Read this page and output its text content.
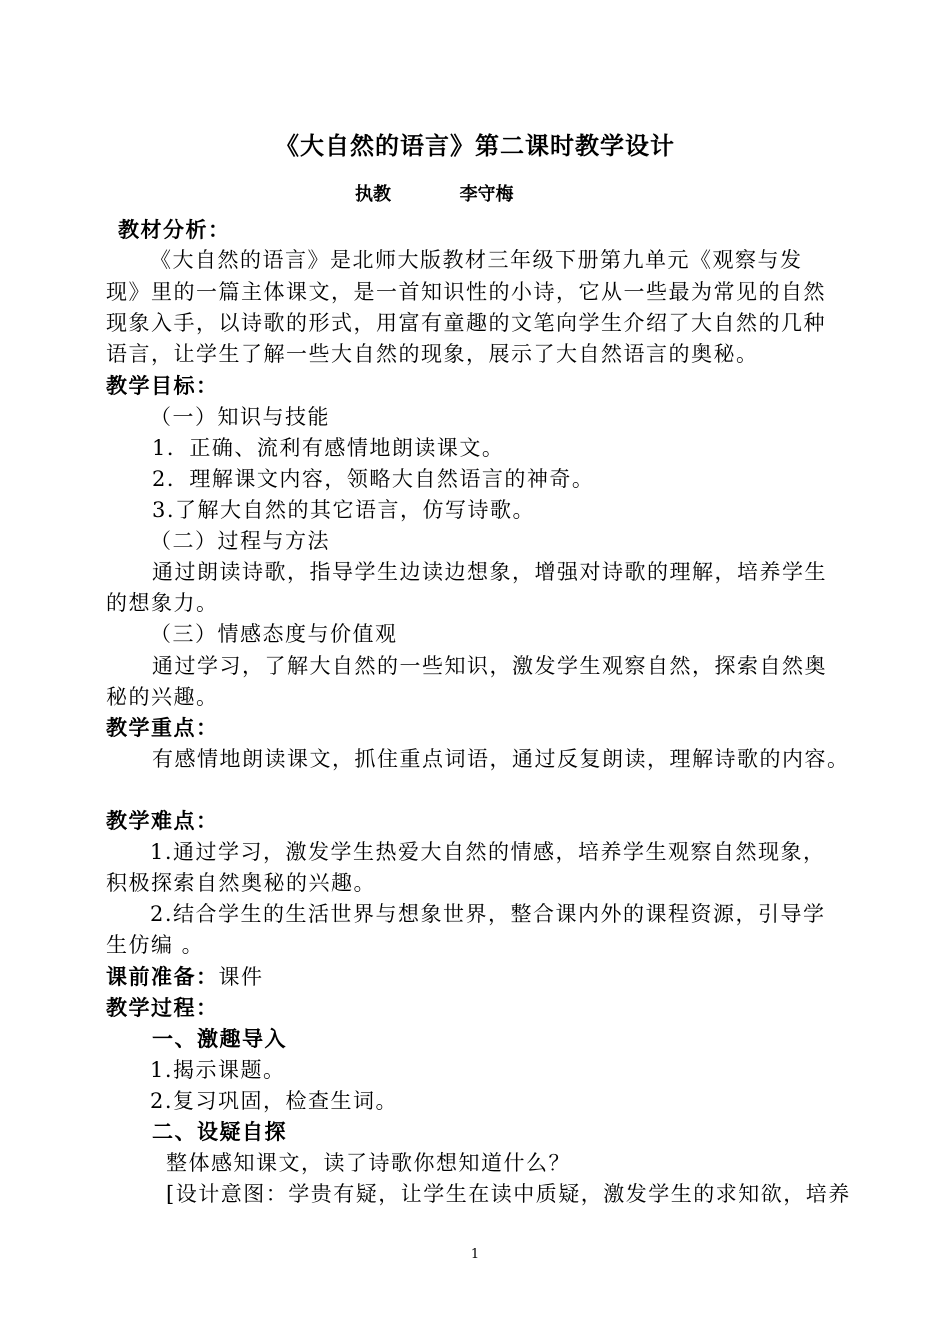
《大自然的语言》第二课时教学设计
执教	李守梅
教材分析：
《大自然的语言》是北师大版教材三年级下册第九单元《观察与发
现》里的一篇主体课文，是一首知识性的小诗，它从一些最为常见的自然
现象入手，以诗歌的形式，用富有童趣的文笔向学生介绍了大自然的几种
语言，让学生了解一些大自然的现象，展示了大自然语言的奥秘。
教学目标：
（一）知识与技能
1．正确、流利有感情地朗读课文。
2．理解课文内容，领略大自然语言的神奇。
3.了解大自然的其它语言，仿写诗歌。
（二）过程与方法
通过朗读诗歌，指导学生边读边想象，增强对诗歌的理解，培养学生
的想象力。
（三）情感态度与价值观
通过学习，了解大自然的一些知识，激发学生观察自然，探索自然奥
秘的兴趣。
教学重点：
有感情地朗读课文，抓住重点词语，通过反复朗读，理解诗歌的内容。
教学难点：
1.通过学习，激发学生热爱大自然的情感，培养学生观察自然现象，
积极探索自然奥秘的兴趣。
2.结合学生的生活世界与想象世界，整合课内外的课程资源，引导学
生仿编 。
课前准备：课件
教学过程：
一、激趣导入
1.揭示课题。
2.复习巩固，检查生词。
二、设疑自探
整体感知课文，读了诗歌你想知道什么？
[设计意图：学贵有疑，让学生在读中质疑，激发学生的求知欲，培养
1
